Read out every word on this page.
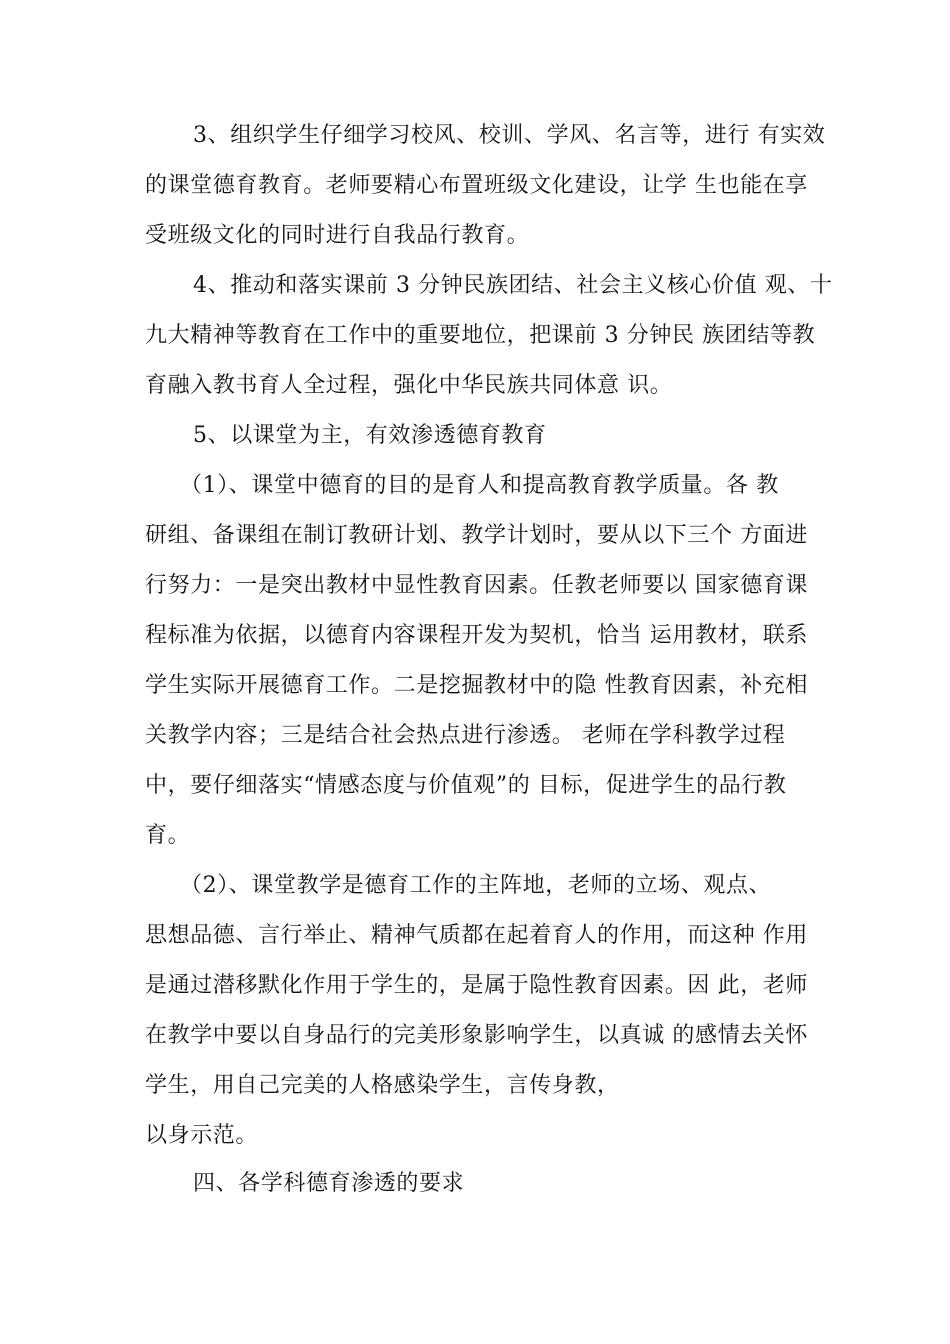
3、组织学生仔细学习校风、校训、学风、名言等，进行 有实效
的课堂德育教育。老师要精心布置班级文化建设，让学 生也能在享
受班级文化的同时进行自我品行教育。
4、推动和落实课前 3 分钟民族团结、社会主义核心价值 观、十
九大精神等教育在工作中的重要地位，把课前 3 分钟民 族团结等教
育融入教书育人全过程，强化中华民族共同体意 识。
5、以课堂为主，有效渗透德育教育
（1）、课堂中德育的目的是育人和提高教育教学质量。各 教
研组、备课组在制订教研计划、教学计划时，要从以下三个 方面进
行努力：一是突出教材中显性教育因素。任教老师要以 国家德育课
程标准为依据，以德育内容课程开发为契机，恰当 运用教材，联系
学生实际开展德育工作。二是挖掘教材中的隐 性教育因素，补充相
关教学内容；三是结合社会热点进行渗透。 老师在学科教学过程
中，要仔细落实“情感态度与价值观”的 目标，促进学生的品行教
育。
（2）、课堂教学是德育工作的主阵地，老师的立场、观点、
思想品德、言行举止、精神气质都在起着育人的作用，而这种 作用
是通过潜移默化作用于学生的，是属于隐性教育因素。因 此，老师
在教学中要以自身品行的完美形象影响学生，以真诚 的感情去关怀
学生，用自己完美的人格感染学生，言传身教，
以身示范。
四、各学科德育渗透的要求
